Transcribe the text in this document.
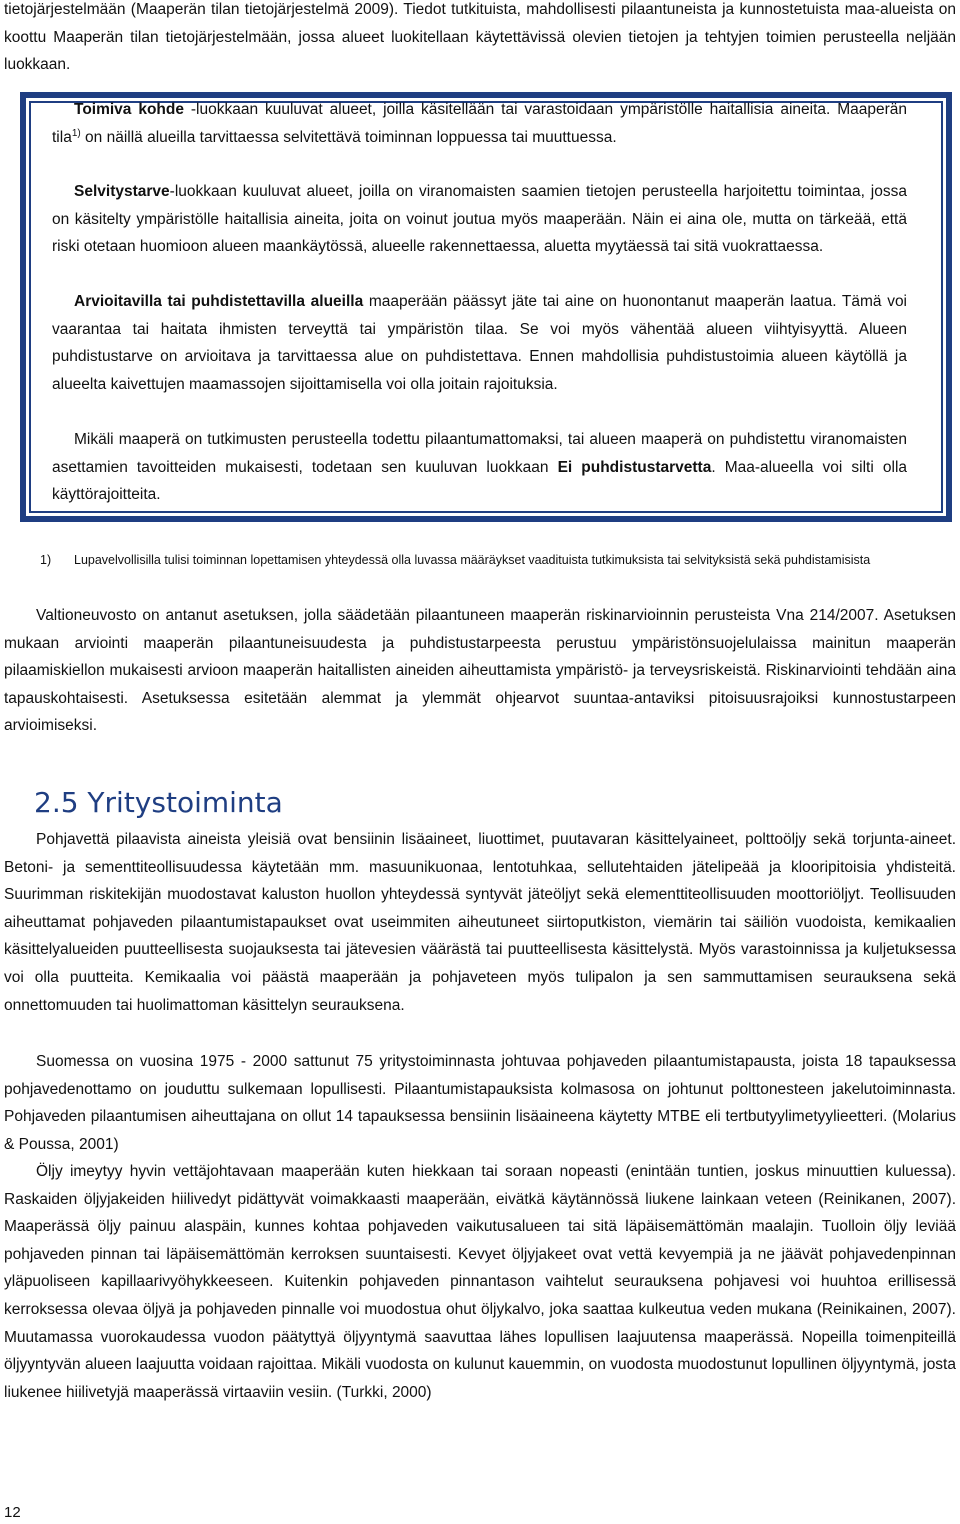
tietojärjestelmään (Maaperän tilan tietojärjestelmä 2009). Tiedot tutkituista, mahdollisesti pilaantuneista ja kunnostetuista maa-alueista on koottu Maaperän tilan tietojärjestelmään, jossa alueet luokitellaan käytettävissä olevien tietojen ja tehtyjen toimien perusteella neljään luokkaan.

Toimiva kohde -luokkaan kuuluvat alueet, joilla käsitellään tai varastoidaan ympäristölle haitallisia aineita. Maaperän tila$^{1)}$ on näillä alueilla tarvittaessa selvitettävä toiminnan loppuessa tai muuttuessa.

Selvitystarve-luokkaan kuuluvat alueet, joilla on viranomaisten saamien tietojen perusteella harjoitettu toimintaa, jossa on käsitelty ympäristölle haitallisia aineita, joita on voinut joutua myös maaperään. Näin ei aina ole, mutta on tärkeää, että riski otetaan huomioon alueen maankäytössä, alueelle rakennettaessa, aluetta myytäessä tai sitä vuokrattaessa.

Arvioitavilla tai puhdistettavilla alueilla maaperään päässyt jäte tai aine on huonontanut maaperän laatua. Tämä voi vaarantaa tai haitata ihmisten terveyttä tai ympäristön tilaa. Se voi myös vähentää alueen viihtyisyyttä. Alueen puhdistustarve on arvioitava ja tarvittaessa alue on puhdistettava. Ennen mahdollisia puhdistustoimia alueen käytöllä ja alueelta kaivettujen maamassojen sijoittamisella voi olla joitain rajoituksia.

Mikäli maaperä on tutkimusten perusteella todettu pilaantumattomaksi, tai alueen maaperä on puhdistettu viranomaisten asettamien tavoitteiden mukaisesti, todetaan sen kuuluvan luokkaan Ei puhdistustarvetta. Maa-alueella voi silti olla käyttörajoitteita.

1) Lupavelvollisilla tulisi toiminnan lopettamisen yhteydessä olla luvassa määräykset vaadituista tutkimuksista tai selvityksistä sekä puhdistamisista

Valtioneuvosto on antanut asetuksen, jolla säädetään pilaantuneen maaperän riskinarvioinnin perusteista Vna 214/2007. Asetuksen mukaan arviointi maaperän pilaantuneisuudesta ja puhdistustarpeesta perustuu ympäristönsuojelulaissa mainitun maaperän pilaamiskiellon mukaisesti arvioon maaperän haitallisten aineiden aiheuttamista ympäristö- ja terveysriskeistä. Riskinarviointi tehdään aina tapauskohtaisesti. Asetuksessa esitetään alemmat ja ylemmät ohjearvot suuntaa-antaviksi pitoisuusrajoiksi kunnostustarpeen arvioimiseksi.

2.5 Yritystoiminta

Pohjavettä pilaavista aineista yleisiä ovat bensiinin lisäaineet, liuottimet, puutavaran käsittelyaineet, polttoöljy sekä torjunta-aineet. Betoni- ja sementtiteollisuudessa käytetään mm. masuunikuonaa, lentotuhkaa, sellutehtaiden jätelipeää ja klooripitoisia yhdisteitä. Suurimman riskitekijän muodostavat kaluston huollon yhteydessä syntyvät jäteöljyt sekä elementtiteollisuuden moottoriöljyt. Teollisuuden aiheuttamat pohjaveden pilaantumistapaukset ovat useimmiten aiheutuneet siirtoputkiston, viemärin tai säiliön vuodoista, kemikaalien käsittelyalueiden puutteellisesta suojauksesta tai jätevesien väärästä tai puutteellisesta käsittelystä. Myös varastoinnissa ja kuljetuksessa voi olla puutteita. Kemikaalia voi päästä maaperään ja pohjaveteen myös tulipalon ja sen sammuttamisen seurauksena sekä onnettomuuden tai huolimattoman käsittelyn seurauksena.

Suomessa on vuosina 1975 - 2000 sattunut 75 yritystoiminnasta johtuvaa pohjaveden pilaantumistapausta, joista 18 tapauksessa pohjavedenottamo on jouduttu sulkemaan lopullisesti. Pilaantumistapauksista kolmasosa on johtunut polttonesteen jakelutoiminnasta. Pohjaveden pilaantumisen aiheuttajana on ollut 14 tapauksessa bensiinin lisäaineena käytetty MTBE eli tertbutyylimetyylieetteri. (Molarius & Poussa, 2001)

Öljy imeytyy hyvin vettäjohtavaan maaperään kuten hiekkaan tai soraan nopeasti (enintään tuntien, joskus minuuttien kuluessa). Raskaiden öljyjakeiden hiilivedyt pidättyvät voimakkaasti maaperään, eivätkä käytännössä liukene lainkaan veteen (Reinikanen, 2007). Maaperässä öljy painuu alaspäin, kunnes kohtaa pohjaveden vaikutusalueen tai sitä läpäisemättömän maalajin. Tuolloin öljy leviää pohjaveden pinnan tai läpäisemättömän kerroksen suuntaisesti. Kevyet öljyjakeet ovat vettä kevyempiä ja ne jäävät pohjavedenpinnan yläpuoliseen kapillaarivyöhykkeeseen. Kuitenkin pohjaveden pinnantason vaihtelut seurauksena pohjavesi voi huuhtoa erillisessä kerroksessa olevaa öljyä ja pohjaveden pinnalle voi muodostua ohut öljykalvo, joka saattaa kulkeutua veden mukana (Reinikainen, 2007). Muutamassa vuorokaudessa vuodon päätyttyä öljyyntymä saavuttaa lähes lopullisen laajuutensa maaperässä. Nopeilla toimenpiteillä öljyyntyvän alueen laajuutta voidaan rajoittaa. Mikäli vuodosta on kulunut kauemmin, on vuodosta muodostunut lopullinen öljyyntymä, josta liukenee hiilivetyjä maaperässä virtaaviin vesiin. (Turkki, 2000)

12
